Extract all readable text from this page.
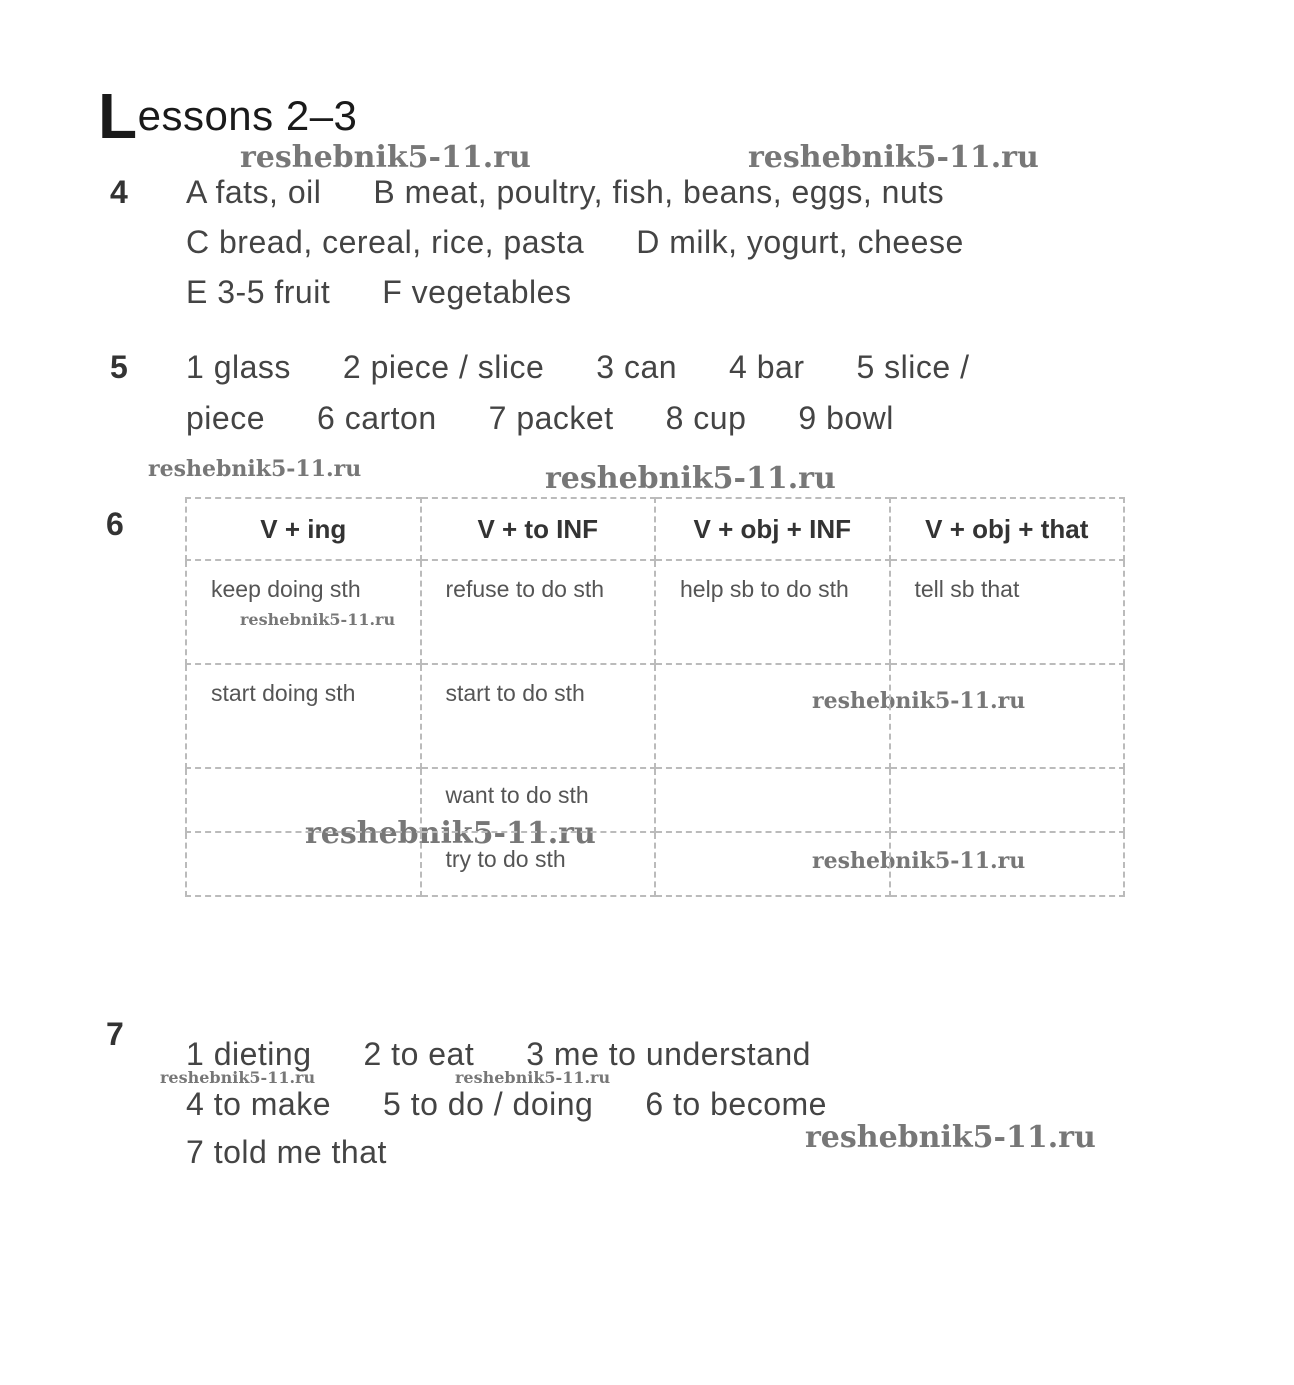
Lessons 2–3
reshebnik5-11.ru	reshebnik5-11.ru
reshebnik5-11.ru	reshebnik5-11.ru
reshebnik5-11.ru
reshebnik5-11.ru
reshebnik5-11.ru
reshebnik5-11.ru
reshebnik5-11.ru	reshebnik5-11.ru
reshebnik5-11.ru
4 A fats, oil B meat, poultry, fish, beans, eggs, nuts
C bread, cereal, rice, pasta D milk, yogurt, cheese
E 3-5 fruit F vegetables
5 1 glass 2 piece / slice 3 can 4 bar 5 slice /
piece 6 carton 7 packet 8 cup 9 bowl
6	V + ing	V + to INF	V + obj + INF	V + obj + that
keep doing sth	refuse to do sth	help sb to do sth	tell sb that
start doing sth	start to do sth		
	want to do sth		
	try to do sth		
7
1 dieting 2 to eat 3 me to understand
4 to make 5 to do / doing 6 to become
7 told me that
